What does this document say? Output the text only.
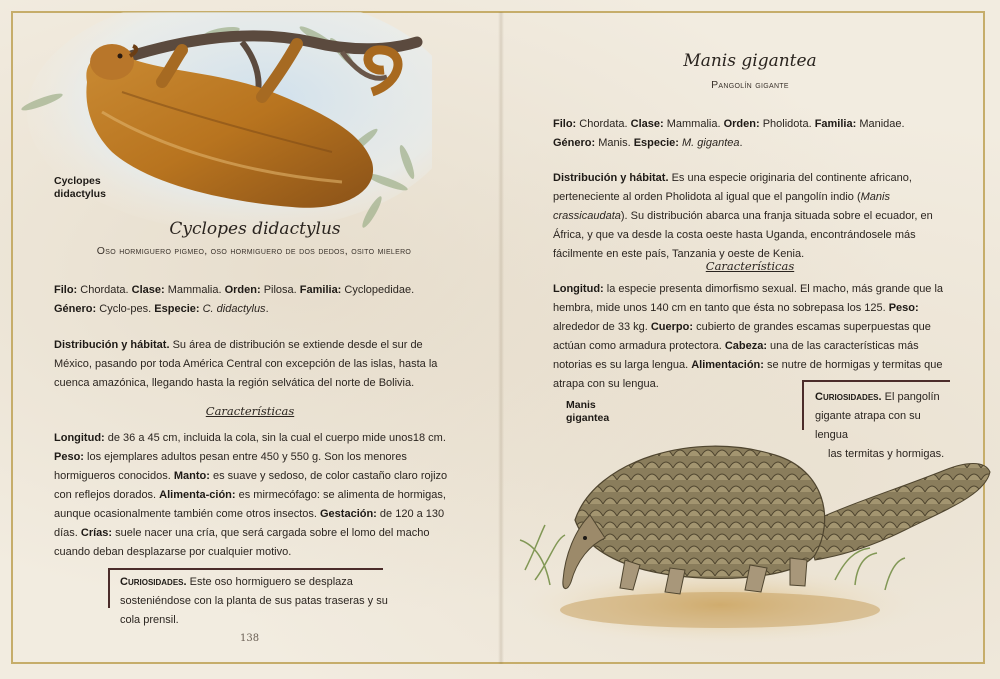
Cyclopes
didactylus
Cyclopes didactylus
Oso hormiguero pigmeo, oso hormiguero de dos dedos, osito mielero

Filo: Chordata. Clase: Mammalia. Orden: Pilosa. Familia: Cyclopedidae. Género: Cyclo-pes. Especie: C. didactylus.

Distribución y hábitat. Su área de distribución se extiende desde el sur de México, pasando por toda América Central con excepción de las islas, hasta la cuenca amazónica, llegando hasta la región selvática del norte de Bolivia.

Características

Longitud: de 36 a 45 cm, incluida la cola, sin la cual el cuerpo mide unos18 cm. Peso: los ejemplares adultos pesan entre 450 y 550 g. Son los menores hormigueros conocidos. Manto: es suave y sedoso, de color castaño claro rojizo con reflejos dorados. Alimenta-ción: es mirmecófago: se alimenta de hormigas, aunque ocasionalmente también come otros insectos. Gestación: de 120 a 130 días. Crías: suele nacer una cría, que será cargada sobre el lomo del macho cuando deban desplazarse por cualquier motivo.

Curiosidades. Este oso hormiguero se desplaza sosteniéndose con la planta de sus patas traseras y su cola prensil.
138
Manis gigantea
Pangolín gigante

Filo: Chordata. Clase: Mammalia. Orden: Pholidota. Familia: Manidae. Género: Manis. Especie: M. gigantea.

Distribución y hábitat. Es una especie originaria del continente africano, perteneciente al orden Pholidota al igual que el pangolín indio (Manis crassicaudata). Su distribución abarca una franja situada sobre el ecuador, en África, y que va desde la costa oeste hasta Uganda, encontrándosele más fácilmente en este país, Tanzania y oeste de Kenia.

Características

Longitud: la especie presenta dimorfismo sexual. El macho, más grande que la hembra, mide unos 140 cm en tanto que ésta no sobrepasa los 125. Peso: alrededor de 33 kg. Cuerpo: cubierto de grandes escamas superpuestas que actúan como armadura protectora. Cabeza: una de las características más notorias es su larga lengua. Alimentación: se nutre de hormigas y termitas que atrapa con su lengua.

Manis
gigantea
Curiosidades. El pangolín
gigante atrapa con su lengua
las termitas y hormigas.
